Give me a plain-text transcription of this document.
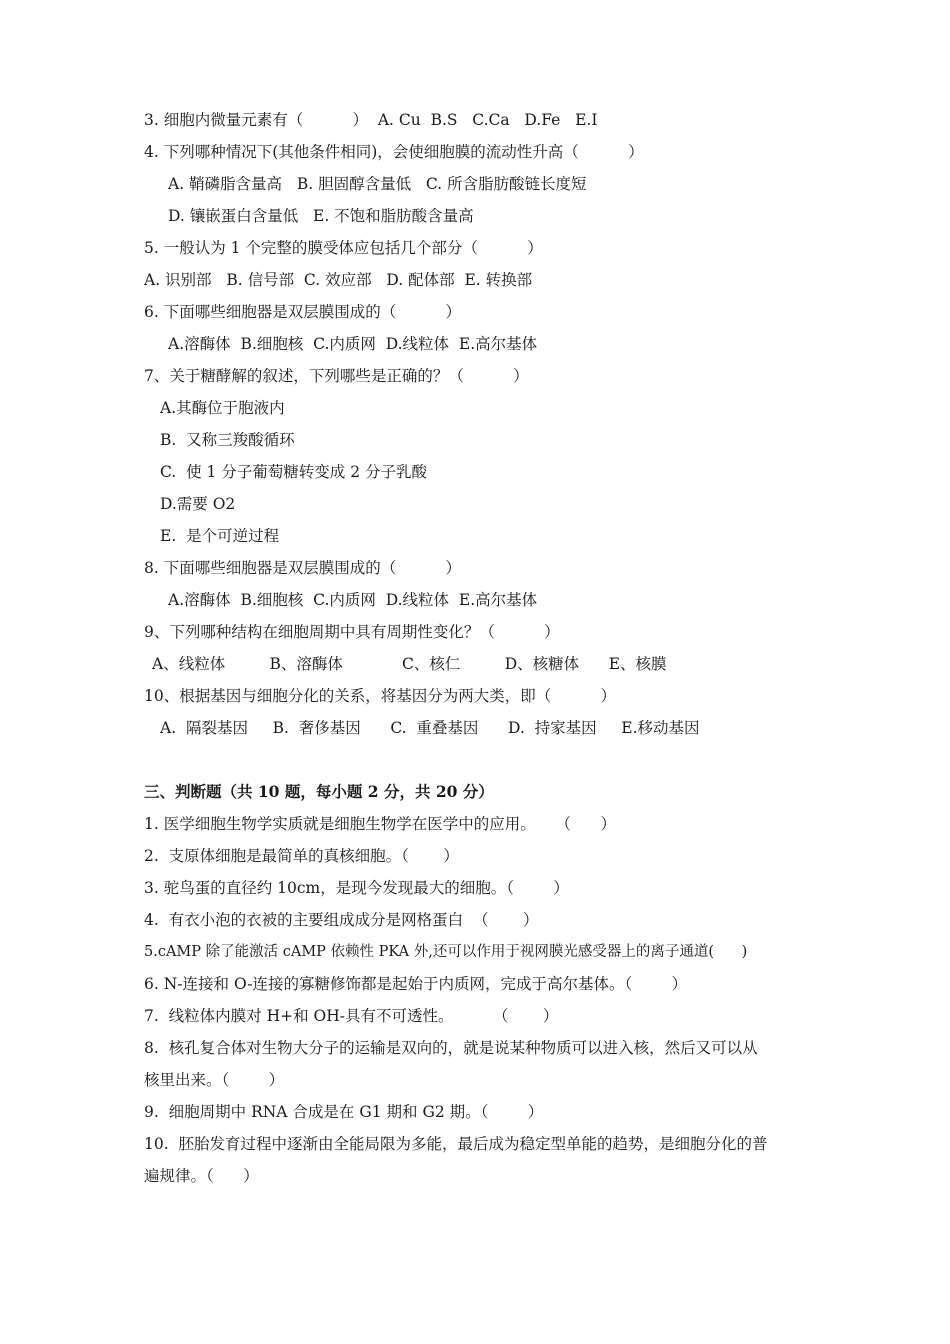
3. 细胞内微量元素有（          ）  A. Cu  B.S   C.Ca   D.Fe   E.I
4. 下列哪种情况下(其他条件相同)，会使细胞膜的流动性升高（          ）
A. 鞘磷脂含量高   B. 胆固醇含量低   C. 所含脂肪酸链长度短
D. 镶嵌蛋白含量低   E. 不饱和脂肪酸含量高
5. 一般认为 1 个完整的膜受体应包括几个部分（          ）
A. 识别部   B. 信号部  C. 效应部   D. 配体部  E. 转换部
6. 下面哪些细胞器是双层膜围成的（          ）
A.溶酶体  B.细胞核  C.内质网  D.线粒体  E.高尔基体
7、关于糖酵解的叙述，下列哪些是正确的？（          ）
A.其酶位于胞液内
B.  又称三羧酸循环
C.  使 1 分子葡萄糖转变成 2 分子乳酸
D.需要 O2
E.  是个可逆过程
8. 下面哪些细胞器是双层膜围成的（          ）
A.溶酶体  B.细胞核  C.内质网  D.线粒体  E.高尔基体
9、下列哪种结构在细胞周期中具有周期性变化？（          ）
A、线粒体         B、溶酶体            C、核仁         D、核糖体      E、核膜
10、根据基因与细胞分化的关系，将基因分为两大类，即（          ）
A.  隔裂基因     B.  奢侈基因      C.  重叠基因      D.  持家基因     E.移动基因
三、判断题（共 10 题，每小题 2 分，共 20 分）
1. 医学细胞生物学实质就是细胞生物学在医学中的应用。    （      ）
2.  支原体细胞是最简单的真核细胞。（       ）
3. 驼鸟蛋的直径约 10cm，是现今发现最大的细胞。（        ）
4.  有衣小泡的衣被的主要组成成分是网格蛋白  （       ）
5.cAMP 除了能激活 cAMP 依赖性 PKA 外,还可以作用于视网膜光感受器上的离子通道(      )
6. N-连接和 O-连接的寡糖修饰都是起始于内质网，完成于高尔基体。（        ）
7.  线粒体内膜对 H+和 OH-具有不可透性。        （       ）
8.  核孔复合体对生物大分子的运输是双向的，就是说某种物质可以进入核，然后又可以从
核里出来。（        ）
9.  细胞周期中 RNA 合成是在 G1 期和 G2 期。（        ）
10.  胚胎发育过程中逐渐由全能局限为多能，最后成为稳定型单能的趋势，是细胞分化的普
遍规律。（      ）
